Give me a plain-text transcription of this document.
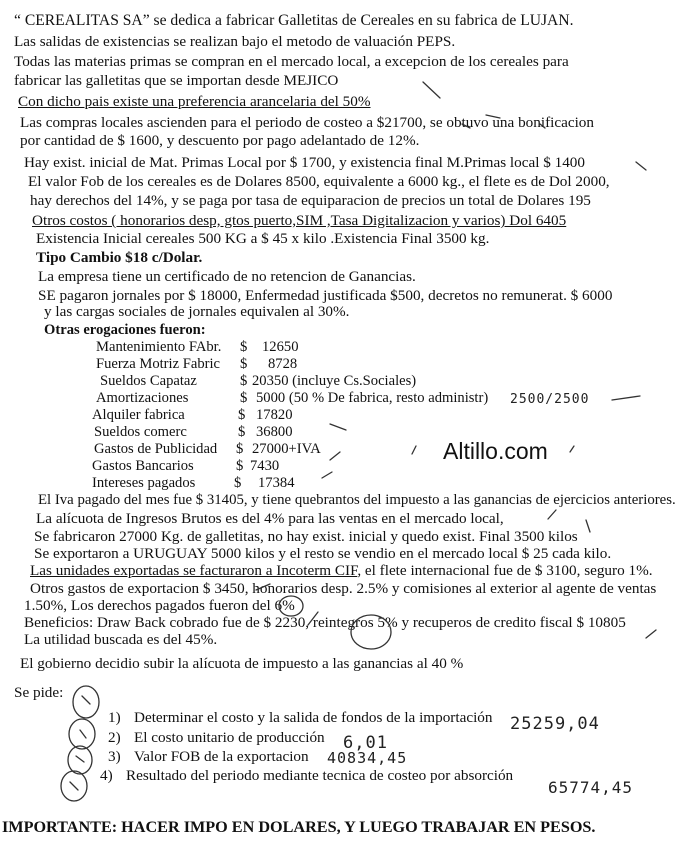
“ CEREALITAS SA” se dedica a fabricar Galletitas de Cereales en su fabrica de LUJAN.
Las salidas de existencias se realizan bajo el metodo de valuación PEPS.
Todas las materias primas se compran en el mercado local, a excepcion de los cereales para
fabricar las galletitas que se importan desde MEJICO
Con dicho pais existe una preferencia arancelaria del 50%
Las compras locales ascienden para el periodo de costeo a $21700, se obtuvo una bonificacion
por cantidad de $ 1600, y descuento por pago adelantado de 12%.
Hay exist. inicial de Mat. Primas Local por $ 1700, y existencia final M.Primas local $ 1400
El valor Fob de los cereales es de Dolares 8500, equivalente a 6000 kg., el flete es de Dol 2000,
hay derechos del 14%, y se paga por tasa de equiparacion de precios un total de Dolares 195
Otros costos ( honorarios desp, gtos puerto,SIM ,Tasa Digitalizacion y varios) Dol 6405
Existencia Inicial cereales 500 KG a $ 45 x kilo .Existencia Final 3500 kg.
Tipo Cambio $18 c/Dolar.
La empresa tiene un certificado de no retencion de Ganancias.
SE pagaron jornales por $ 18000, Enfermedad justificada $500, decretos no remunerat. $ 6000
y las cargas sociales de jornales equivalen al 30%.
Otras erogaciones fueron:
Mantenimiento FAbr. $ 12650
Fuerza Motriz Fabric $ 8728
Sueldos Capataz	$ 20350 (incluye Cs.Sociales)
Amortizaciones	$ 5000 (50 % De fabrica, resto administr)
Alquiler fabrica	$ 17820
Sueldos comerc	$ 36800
Gastos de Publicidad $ 27000+IVA
Gastos Bancarios	$ 7430
Intereses pagados	$ 17384
2500/2500
Altillo.com
El Iva pagado del mes fue $ 31405, y tiene quebrantos del impuesto a las ganancias de ejercicios anteriores.
La alícuota de Ingresos Brutos es del 4% para las ventas en el mercado local,
Se fabricaron 27000 Kg. de galletitas, no hay exist. inicial y quedo exist. Final 3500 kilos
Se exportaron a URUGUAY 5000 kilos y el resto se vendio en el mercado local $ 25 cada kilo.
Las unidades exportadas se facturaron a Incoterm CIF, el flete internacional fue de $ 3100, seguro 1%.
Otros gastos de exportacion $ 3450, honorarios desp. 2.5% y comisiones al exterior al agente de ventas
1.50%, Los derechos pagados fueron del 6%
Beneficios: Draw Back cobrado fue de $ 2230, reintegros 5% y recuperos de credito fiscal $ 10805
La utilidad buscada es del 45%.
El gobierno decidio subir la alícuota de impuesto a las ganancias al 40 %
Se pide:
1) Determinar el costo y la salida de fondos de la importación 25259,04
2) El costo unitario de producción 6,01
3) Valor FOB de la exportacion 40834,45
4) Resultado del periodo mediante tecnica de costeo por absorción
65774,45
IMPORTANTE: HACER IMPO EN DOLARES, Y LUEGO TRABAJAR EN PESOS.
